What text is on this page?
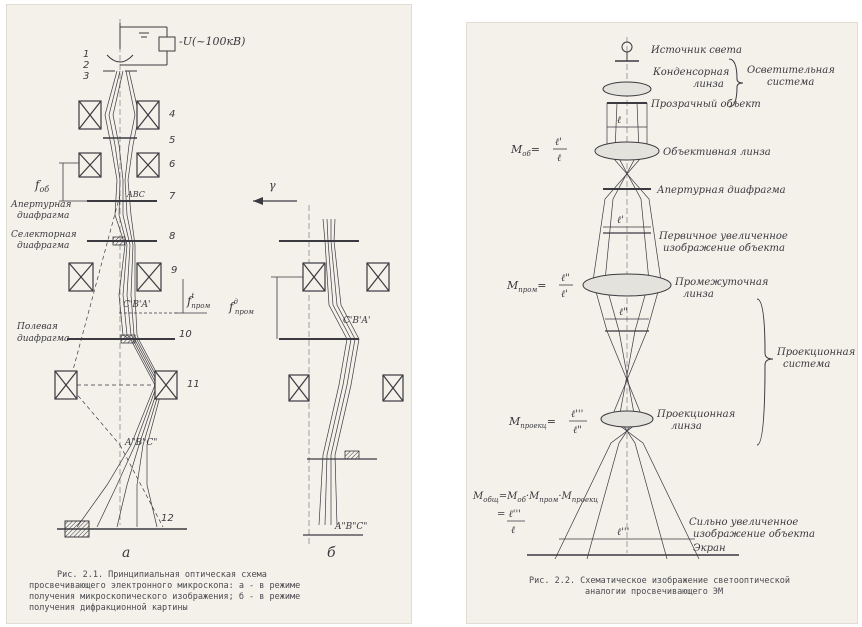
-U(~100кВ)
1
2
3
4
5
6
$f_{об}$
ABC 7
Апертурная
диафрагма
8
Селекторная
диафрагма
9
$f^t$ пром
C'B'A'
10
Полевая
диафрагма
11
A"B"C"
12
а
γ
$f^д$ пром
C'B'A'
A"B"C"
б
Рис. 2.1. Принципиальная оптическая схема
просвечивающего электронного микроскопа: а - в режиме
получения микроскопического изображения; б - в режиме
получения дифракционной картины
Источник света
Конденсорная
линза
Осветительная
система
Прозрачный объект
ℓ
Объективная линза
$M_{об}=$
ℓ'
ℓ
Апертурная диафрагма
ℓ'
Первичное увеличенное
изображение объекта
Промежуточная
линза
$M_{пром}=$
ℓ"
ℓ'
ℓ"
Проекционная
система
Проекционная
линза
$M_{проекц}=$
ℓ'''
ℓ"
$M_{общ}=M_{об}\cdot M_{пром}\cdot M_{проекц}$
= ℓ'''
ℓ	ℓ'''
Сильно увеличенное
изображение объекта
Экран
Рис. 2.2. Схематическое изображение светооптической
аналогии просвечивающего ЭМ
